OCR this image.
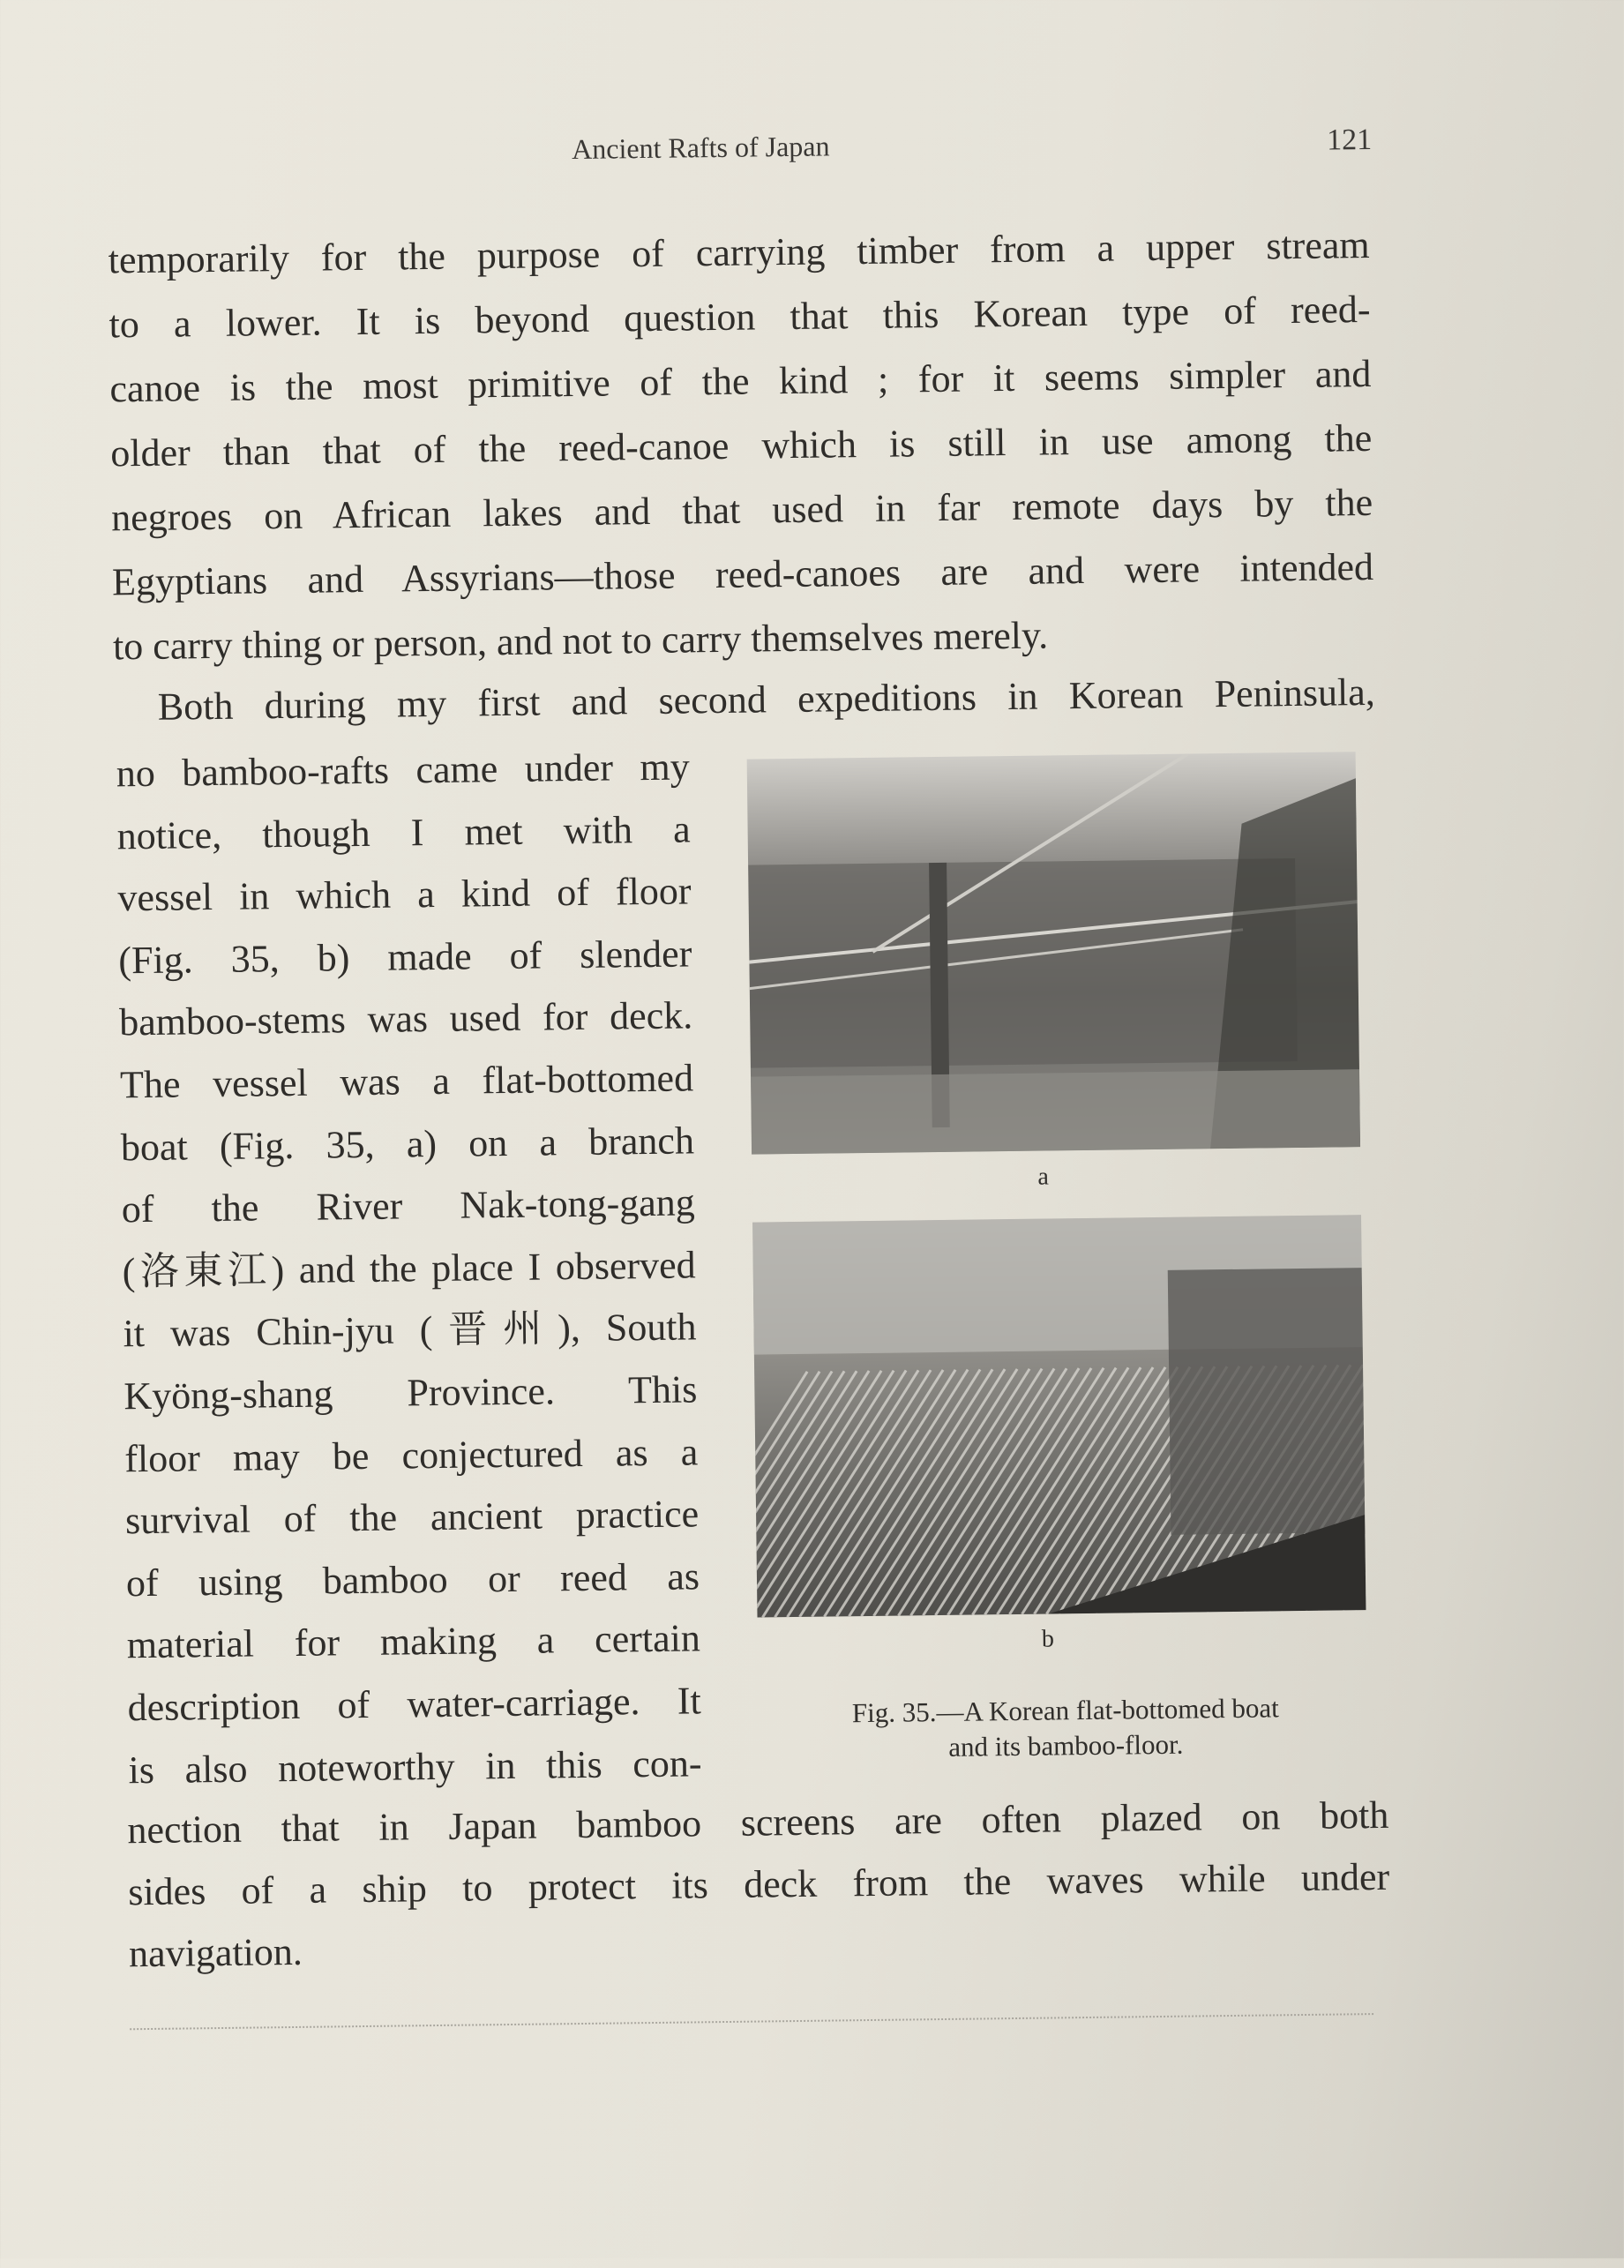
Ancient Rafts of Japan	121
temporarily for the purpose of carrying timber from a upper stream
to a lower. It is beyond question that this Korean type of reed-
canoe is the most primitive of the kind ; for it seems simpler and
older than that of the reed-canoe which is still in use among the
negroes on African lakes and that used in far remote days by the
Egyptians and Assyrians—those reed-canoes are and were intended
to carry thing or person, and not to carry themselves merely.
Both during my first and second expeditions in Korean Peninsula,
no bamboo-rafts came under my
notice, though I met with a
vessel in which a kind of floor
(Fig. 35, b) made of slender
bamboo-stems was used for deck.
The vessel was a flat-bottomed
boat (Fig. 35, a) on a branch
of the River Nak-tong-gang
(洛東江) and the place I observed
it was Chin-jyu (晋州), South
Kyöng-shang Province. This
floor may be conjectured as a
survival of the ancient practice
of using bamboo or reed as
material for making a certain
description of water-carriage. It
is also noteworthy in this con-
nection that in Japan bamboo screens are often plazed on both
sides of a ship to protect its deck from the waves while under
navigation.
a
b
Fig. 35.—A Korean flat-bottomed boat
and its bamboo-floor.
